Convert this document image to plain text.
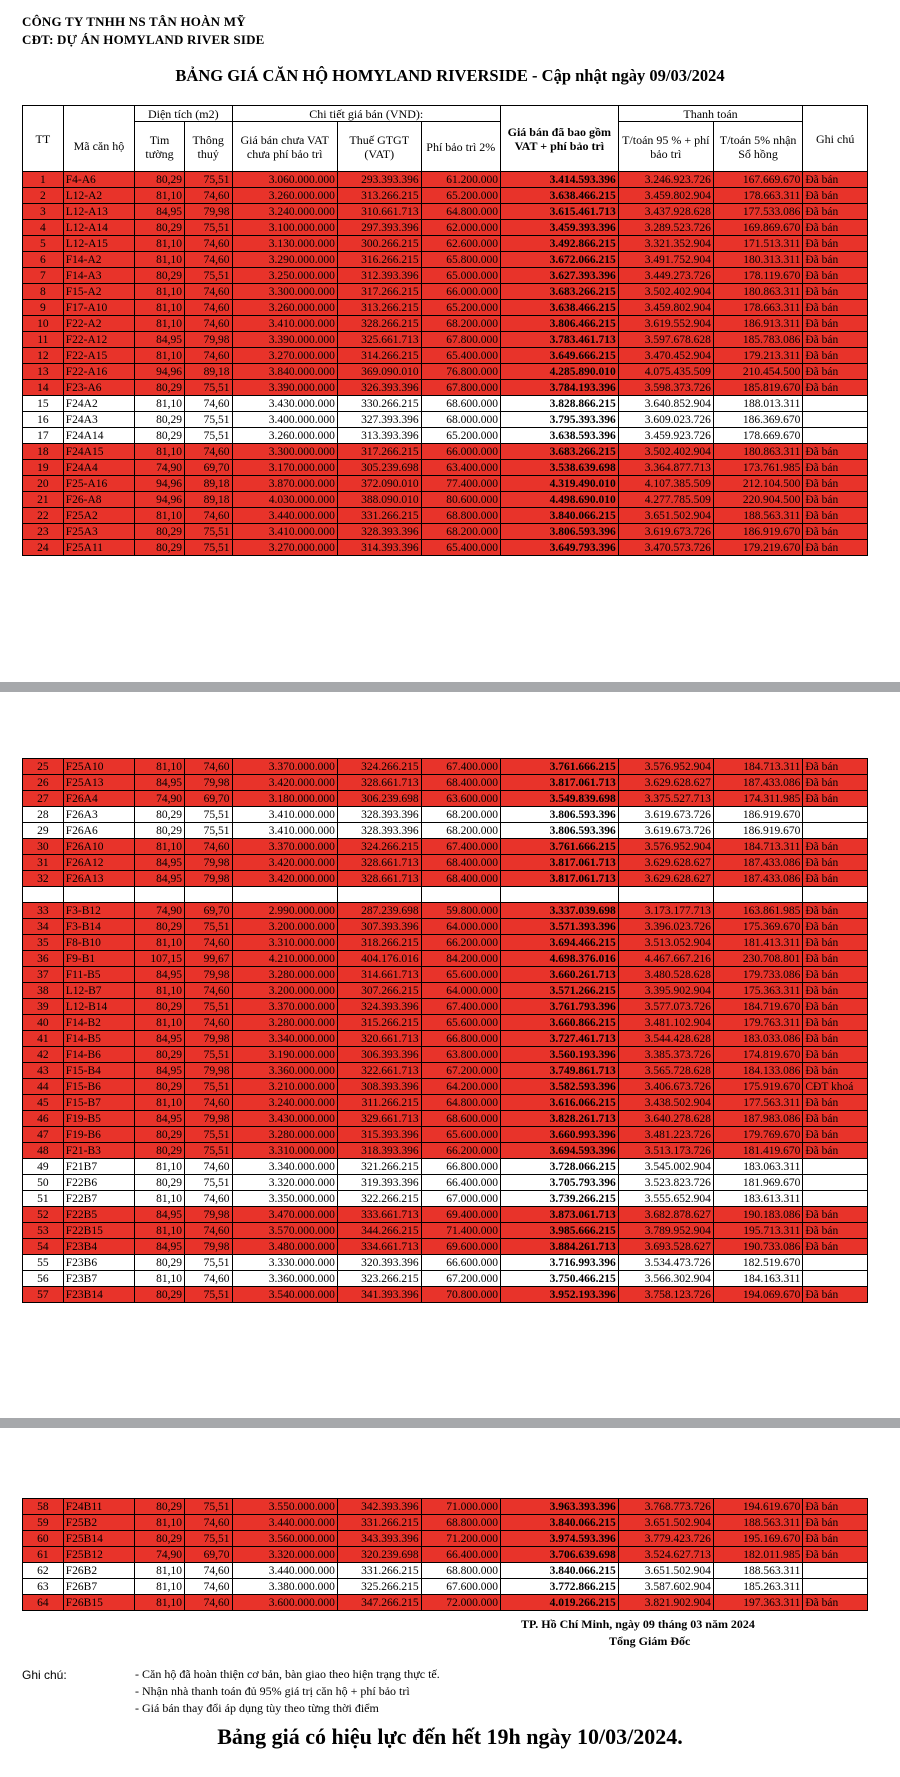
CÔNG TY TNHH NS TÂN HOÀN MỸ
CĐT: DỰ ÁN HOMYLAND RIVER SIDE
BẢNG GIÁ CĂN HỘ HOMYLAND RIVERSIDE - Cập nhật ngày 09/03/2024
TT	Mã căn hộ	Diện tích (m2)		Chi tiết giá bán (VND):			Giá bán đã bao gồm VAT + phí bảo trì	Thanh toán		Ghi chú
		Tim tường	Thông thuỷ	Giá bán chưa VAT chưa phí bảo trì	Thuế GTGT (VAT)	Phí bảo trì 2%		T/toán 95 % + phí bảo trì	T/toán 5% nhận Sổ hồng	
1	F4-A6	80,29	75,51	3.060.000.000	293.393.396	61.200.000	3.414.593.396	3.246.923.726	167.669.670	Đã bán
2	L12-A2	81,10	74,60	3.260.000.000	313.266.215	65.200.000	3.638.466.215	3.459.802.904	178.663.311	Đã bán
3	L12-A13	84,95	79,98	3.240.000.000	310.661.713	64.800.000	3.615.461.713	3.437.928.628	177.533.086	Đã bán
4	L12-A14	80,29	75,51	3.100.000.000	297.393.396	62.000.000	3.459.393.396	3.289.523.726	169.869.670	Đã bán
5	L12-A15	81,10	74,60	3.130.000.000	300.266.215	62.600.000	3.492.866.215	3.321.352.904	171.513.311	Đã bán
6	F14-A2	81,10	74,60	3.290.000.000	316.266.215	65.800.000	3.672.066.215	3.491.752.904	180.313.311	Đã bán
7	F14-A3	80,29	75,51	3.250.000.000	312.393.396	65.000.000	3.627.393.396	3.449.273.726	178.119.670	Đã bán
8	F15-A2	81,10	74,60	3.300.000.000	317.266.215	66.000.000	3.683.266.215	3.502.402.904	180.863.311	Đã bán
9	F17-A10	81,10	74,60	3.260.000.000	313.266.215	65.200.000	3.638.466.215	3.459.802.904	178.663.311	Đã bán
10	F22-A2	81,10	74,60	3.410.000.000	328.266.215	68.200.000	3.806.466.215	3.619.552.904	186.913.311	Đã bán
11	F22-A12	84,95	79,98	3.390.000.000	325.661.713	67.800.000	3.783.461.713	3.597.678.628	185.783.086	Đã bán
12	F22-A15	81,10	74,60	3.270.000.000	314.266.215	65.400.000	3.649.666.215	3.470.452.904	179.213.311	Đã bán
13	F22-A16	94,96	89,18	3.840.000.000	369.090.010	76.800.000	4.285.890.010	4.075.435.509	210.454.500	Đã bán
14	F23-A6	80,29	75,51	3.390.000.000	326.393.396	67.800.000	3.784.193.396	3.598.373.726	185.819.670	Đã bán
15	F24A2	81,10	74,60	3.430.000.000	330.266.215	68.600.000	3.828.866.215	3.640.852.904	188.013.311	
16	F24A3	80,29	75,51	3.400.000.000	327.393.396	68.000.000	3.795.393.396	3.609.023.726	186.369.670	
17	F24A14	80,29	75,51	3.260.000.000	313.393.396	65.200.000	3.638.593.396	3.459.923.726	178.669.670	
18	F24A15	81,10	74,60	3.300.000.000	317.266.215	66.000.000	3.683.266.215	3.502.402.904	180.863.311	Đã bán
19	F24A4	74,90	69,70	3.170.000.000	305.239.698	63.400.000	3.538.639.698	3.364.877.713	173.761.985	Đã bán
20	F25-A16	94,96	89,18	3.870.000.000	372.090.010	77.400.000	4.319.490.010	4.107.385.509	212.104.500	Đã bán
21	F26-A8	94,96	89,18	4.030.000.000	388.090.010	80.600.000	4.498.690.010	4.277.785.509	220.904.500	Đã bán
22	F25A2	81,10	74,60	3.440.000.000	331.266.215	68.800.000	3.840.066.215	3.651.502.904	188.563.311	Đã bán
23	F25A3	80,29	75,51	3.410.000.000	328.393.396	68.200.000	3.806.593.396	3.619.673.726	186.919.670	Đã bán
24	F25A11	80,29	75,51	3.270.000.000	314.393.396	65.400.000	3.649.793.396	3.470.573.726	179.219.670	Đã bán
25	F25A10	81,10	74,60	3.370.000.000	324.266.215	67.400.000	3.761.666.215	3.576.952.904	184.713.311	Đã bán
26	F25A13	84,95	79,98	3.420.000.000	328.661.713	68.400.000	3.817.061.713	3.629.628.627	187.433.086	Đã bán
27	F26A4	74,90	69,70	3.180.000.000	306.239.698	63.600.000	3.549.839.698	3.375.527.713	174.311.985	Đã bán
28	F26A3	80,29	75,51	3.410.000.000	328.393.396	68.200.000	3.806.593.396	3.619.673.726	186.919.670	
29	F26A6	80,29	75,51	3.410.000.000	328.393.396	68.200.000	3.806.593.396	3.619.673.726	186.919.670	
30	F26A10	81,10	74,60	3.370.000.000	324.266.215	67.400.000	3.761.666.215	3.576.952.904	184.713.311	Đã bán
31	F26A12	84,95	79,98	3.420.000.000	328.661.713	68.400.000	3.817.061.713	3.629.628.627	187.433.086	Đã bán
32	F26A13	84,95	79,98	3.420.000.000	328.661.713	68.400.000	3.817.061.713	3.629.628.627	187.433.086	Đã bán

33	F3-B12	74,90	69,70	2.990.000.000	287.239.698	59.800.000	3.337.039.698	3.173.177.713	163.861.985	Đã bán
34	F3-B14	80,29	75,51	3.200.000.000	307.393.396	64.000.000	3.571.393.396	3.396.023.726	175.369.670	Đã bán
35	F8-B10	81,10	74,60	3.310.000.000	318.266.215	66.200.000	3.694.466.215	3.513.052.904	181.413.311	Đã bán
36	F9-B1	107,15	99,67	4.210.000.000	404.176.016	84.200.000	4.698.376.016	4.467.667.216	230.708.801	Đã bán
37	F11-B5	84,95	79,98	3.280.000.000	314.661.713	65.600.000	3.660.261.713	3.480.528.628	179.733.086	Đã bán
38	L12-B7	81,10	74,60	3.200.000.000	307.266.215	64.000.000	3.571.266.215	3.395.902.904	175.363.311	Đã bán
39	L12-B14	80,29	75,51	3.370.000.000	324.393.396	67.400.000	3.761.793.396	3.577.073.726	184.719.670	Đã bán
40	F14-B2	81,10	74,60	3.280.000.000	315.266.215	65.600.000	3.660.866.215	3.481.102.904	179.763.311	Đã bán
41	F14-B5	84,95	79,98	3.340.000.000	320.661.713	66.800.000	3.727.461.713	3.544.428.628	183.033.086	Đã bán
42	F14-B6	80,29	75,51	3.190.000.000	306.393.396	63.800.000	3.560.193.396	3.385.373.726	174.819.670	Đã bán
43	F15-B4	84,95	79,98	3.360.000.000	322.661.713	67.200.000	3.749.861.713	3.565.728.628	184.133.086	Đã bán
44	F15-B6	80,29	75,51	3.210.000.000	308.393.396	64.200.000	3.582.593.396	3.406.673.726	175.919.670	CĐT khoá
45	F15-B7	81,10	74,60	3.240.000.000	311.266.215	64.800.000	3.616.066.215	3.438.502.904	177.563.311	Đã bán
46	F19-B5	84,95	79,98	3.430.000.000	329.661.713	68.600.000	3.828.261.713	3.640.278.628	187.983.086	Đã bán
47	F19-B6	80,29	75,51	3.280.000.000	315.393.396	65.600.000	3.660.993.396	3.481.223.726	179.769.670	Đã bán
48	F21-B3	80,29	75,51	3.310.000.000	318.393.396	66.200.000	3.694.593.396	3.513.173.726	181.419.670	Đã bán
49	F21B7	81,10	74,60	3.340.000.000	321.266.215	66.800.000	3.728.066.215	3.545.002.904	183.063.311	
50	F22B6	80,29	75,51	3.320.000.000	319.393.396	66.400.000	3.705.793.396	3.523.823.726	181.969.670	
51	F22B7	81,10	74,60	3.350.000.000	322.266.215	67.000.000	3.739.266.215	3.555.652.904	183.613.311	
52	F22B5	84,95	79,98	3.470.000.000	333.661.713	69.400.000	3.873.061.713	3.682.878.627	190.183.086	Đã bán
53	F22B15	81,10	74,60	3.570.000.000	344.266.215	71.400.000	3.985.666.215	3.789.952.904	195.713.311	Đã bán
54	F23B4	84,95	79,98	3.480.000.000	334.661.713	69.600.000	3.884.261.713	3.693.528.627	190.733.086	Đã bán
55	F23B6	80,29	75,51	3.330.000.000	320.393.396	66.600.000	3.716.993.396	3.534.473.726	182.519.670	
56	F23B7	81,10	74,60	3.360.000.000	323.266.215	67.200.000	3.750.466.215	3.566.302.904	184.163.311	
57	F23B14	80,29	75,51	3.540.000.000	341.393.396	70.800.000	3.952.193.396	3.758.123.726	194.069.670	Đã bán
58	F24B11	80,29	75,51	3.550.000.000	342.393.396	71.000.000	3.963.393.396	3.768.773.726	194.619.670	Đã bán
59	F25B2	81,10	74,60	3.440.000.000	331.266.215	68.800.000	3.840.066.215	3.651.502.904	188.563.311	Đã bán
60	F25B14	80,29	75,51	3.560.000.000	343.393.396	71.200.000	3.974.593.396	3.779.423.726	195.169.670	Đã bán
61	F25B12	74,90	69,70	3.320.000.000	320.239.698	66.400.000	3.706.639.698	3.524.627.713	182.011.985	Đã bán
62	F26B2	81,10	74,60	3.440.000.000	331.266.215	68.800.000	3.840.066.215	3.651.502.904	188.563.311	
63	F26B7	81,10	74,60	3.380.000.000	325.266.215	67.600.000	3.772.866.215	3.587.602.904	185.263.311	
64	F26B15	81,10	74,60	3.600.000.000	347.266.215	72.000.000	4.019.266.215	3.821.902.904	197.363.311	Đã bán
TP. Hồ Chí Minh, ngày 09 tháng 03 năm 2024
Tổng Giám Đốc
Ghi chú:	- Căn hộ đã hoàn thiện cơ bản, bàn giao theo hiện trạng thực tế.
- Nhận nhà thanh toán đủ 95% giá trị căn hộ + phí bảo trì
- Giá bán thay đổi áp dụng tùy theo từng thời điểm
Bảng giá có hiệu lực đến hết 19h ngày 10/03/2024.
